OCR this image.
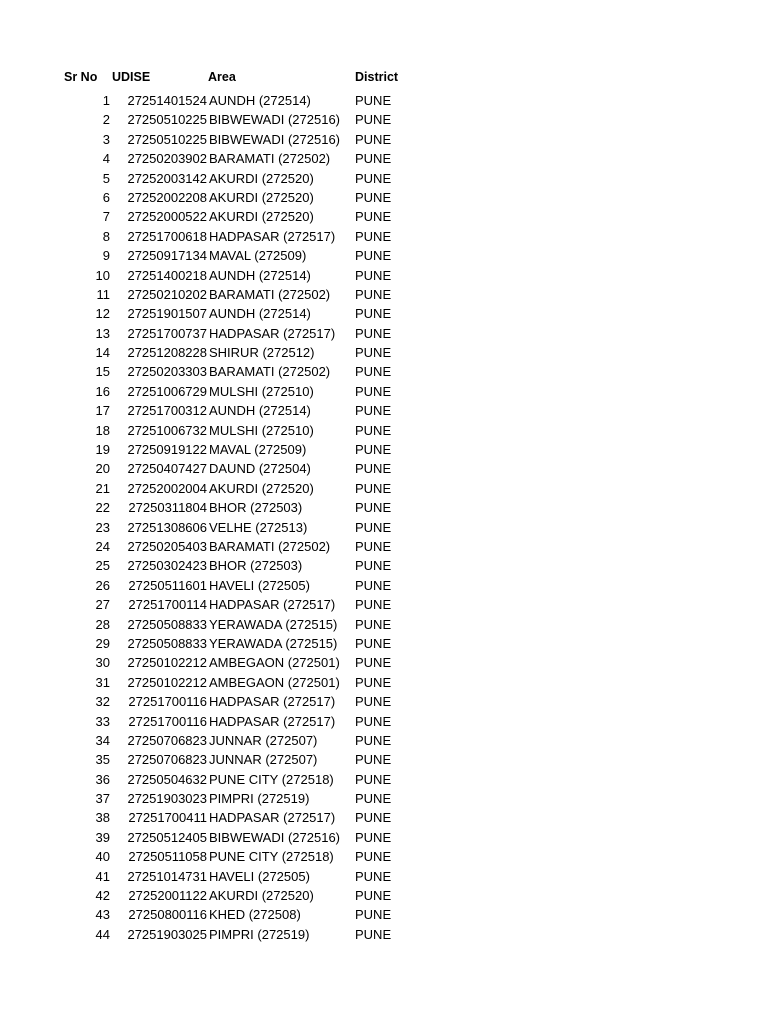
Sr No UDISE	Area	District
1	27251401524 AUNDH (272514)	PUNE
2	27250510225 BIBWEWADI (272516) PUNE
3	27250510225 BIBWEWADI (272516) PUNE
4	27250203902 BARAMATI (272502) PUNE
5	27252003142 AKURDI (272520)	PUNE
6	27252002208 AKURDI (272520)	PUNE
7	27252000522 AKURDI (272520)	PUNE
8	27251700618 HADPASAR (272517) PUNE
9	27250917134 MAVAL (272509)	PUNE
10	27251400218 AUNDH (272514)	PUNE
11	27250210202 BARAMATI (272502) PUNE
12	27251901507 AUNDH (272514)	PUNE
13	27251700737 HADPASAR (272517) PUNE
14	27251208228 SHIRUR (272512)	PUNE
15	27250203303 BARAMATI (272502) PUNE
16	27251006729 MULSHI (272510)	PUNE
17	27251700312 AUNDH (272514)	PUNE
18	27251006732 MULSHI (272510)	PUNE
19	27250919122 MAVAL (272509)	PUNE
20	27250407427 DAUND (272504)	PUNE
21	27252002004 AKURDI (272520)	PUNE
22	27250311804 BHOR (272503)	PUNE
23	27251308606 VELHE (272513)	PUNE
24	27250205403 BARAMATI (272502) PUNE
25	27250302423 BHOR (272503)	PUNE
26	27250511601 HAVELI (272505)	PUNE
27	27251700114 HADPASAR (272517) PUNE
28	27250508833 YERAWADA (272515) PUNE
29	27250508833 YERAWADA (272515) PUNE
30	27250102212 AMBEGAON (272501) PUNE
31	27250102212 AMBEGAON (272501) PUNE
32	27251700116 HADPASAR (272517) PUNE
33	27251700116 HADPASAR (272517) PUNE
34	27250706823 JUNNAR (272507)	PUNE
35	27250706823 JUNNAR (272507)	PUNE
36	27250504632 PUNE CITY (272518) PUNE
37	27251903023 PIMPRI (272519)	PUNE
38	27251700411 HADPASAR (272517) PUNE
39	27250512405 BIBWEWADI (272516) PUNE
40	27250511058 PUNE CITY (272518) PUNE
41	27251014731 HAVELI (272505)	PUNE
42	27252001122 AKURDI (272520)	PUNE
43	27250800116 KHED (272508)	PUNE
44	27251903025 PIMPRI (272519)	PUNE
